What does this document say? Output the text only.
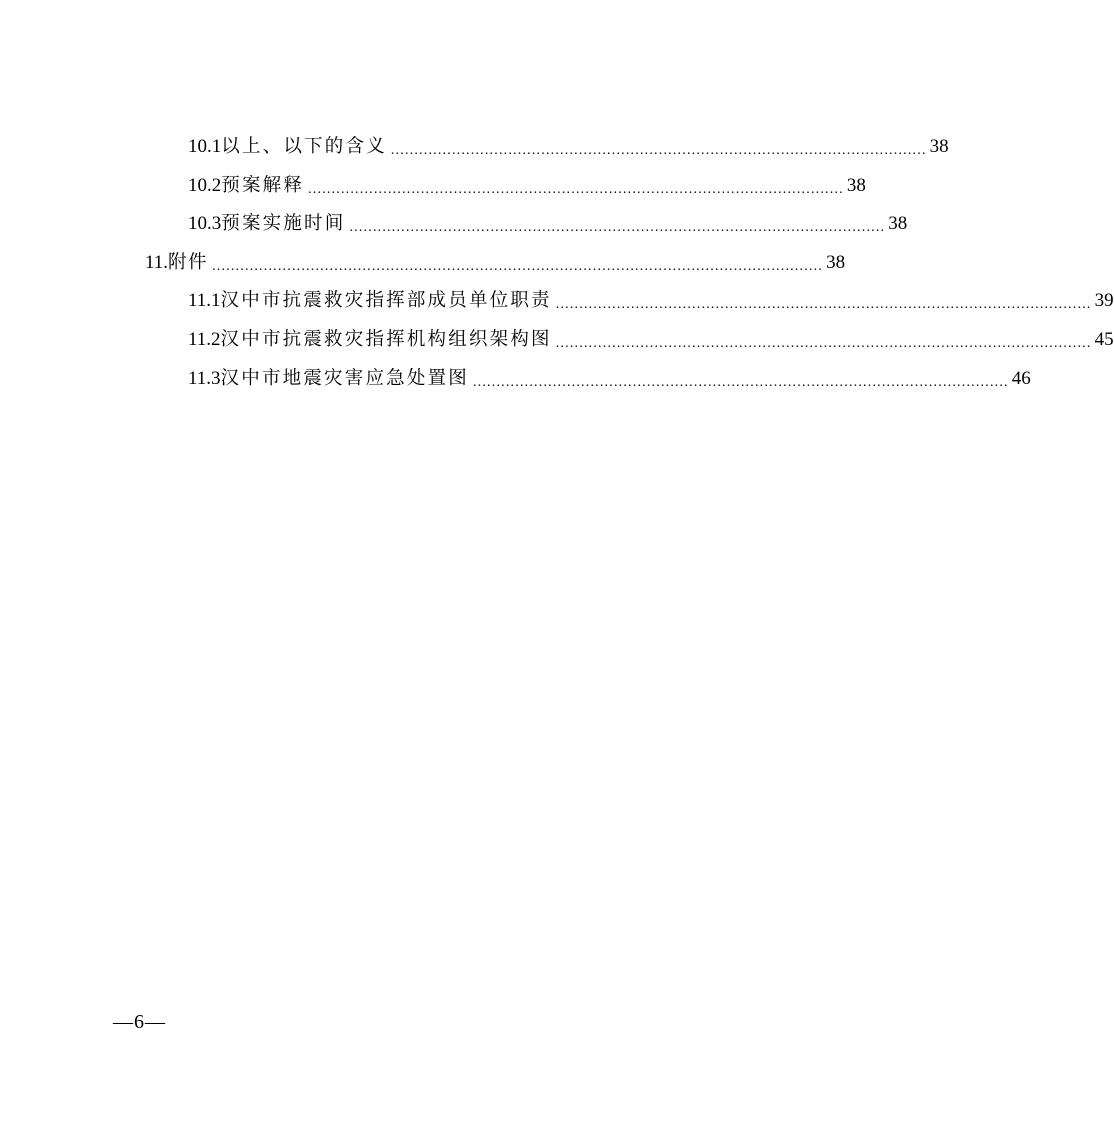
10.1 以上、以下的含义 .................................................................................................................. 38
10.2 预案解释 .................................................................................................................. 38
10.3 预案实施时间 .................................................................................................................. 38
11. 附件 .................................................................................................................................. 38
11.1 汉中市抗震救灾指挥部成员单位职责 .................................................................................................................. 39
11.2 汉中市抗震救灾指挥机构组织架构图 .................................................................................................................. 45
11.3 汉中市地震灾害应急处置图 .................................................................................................................. 46
—6—
